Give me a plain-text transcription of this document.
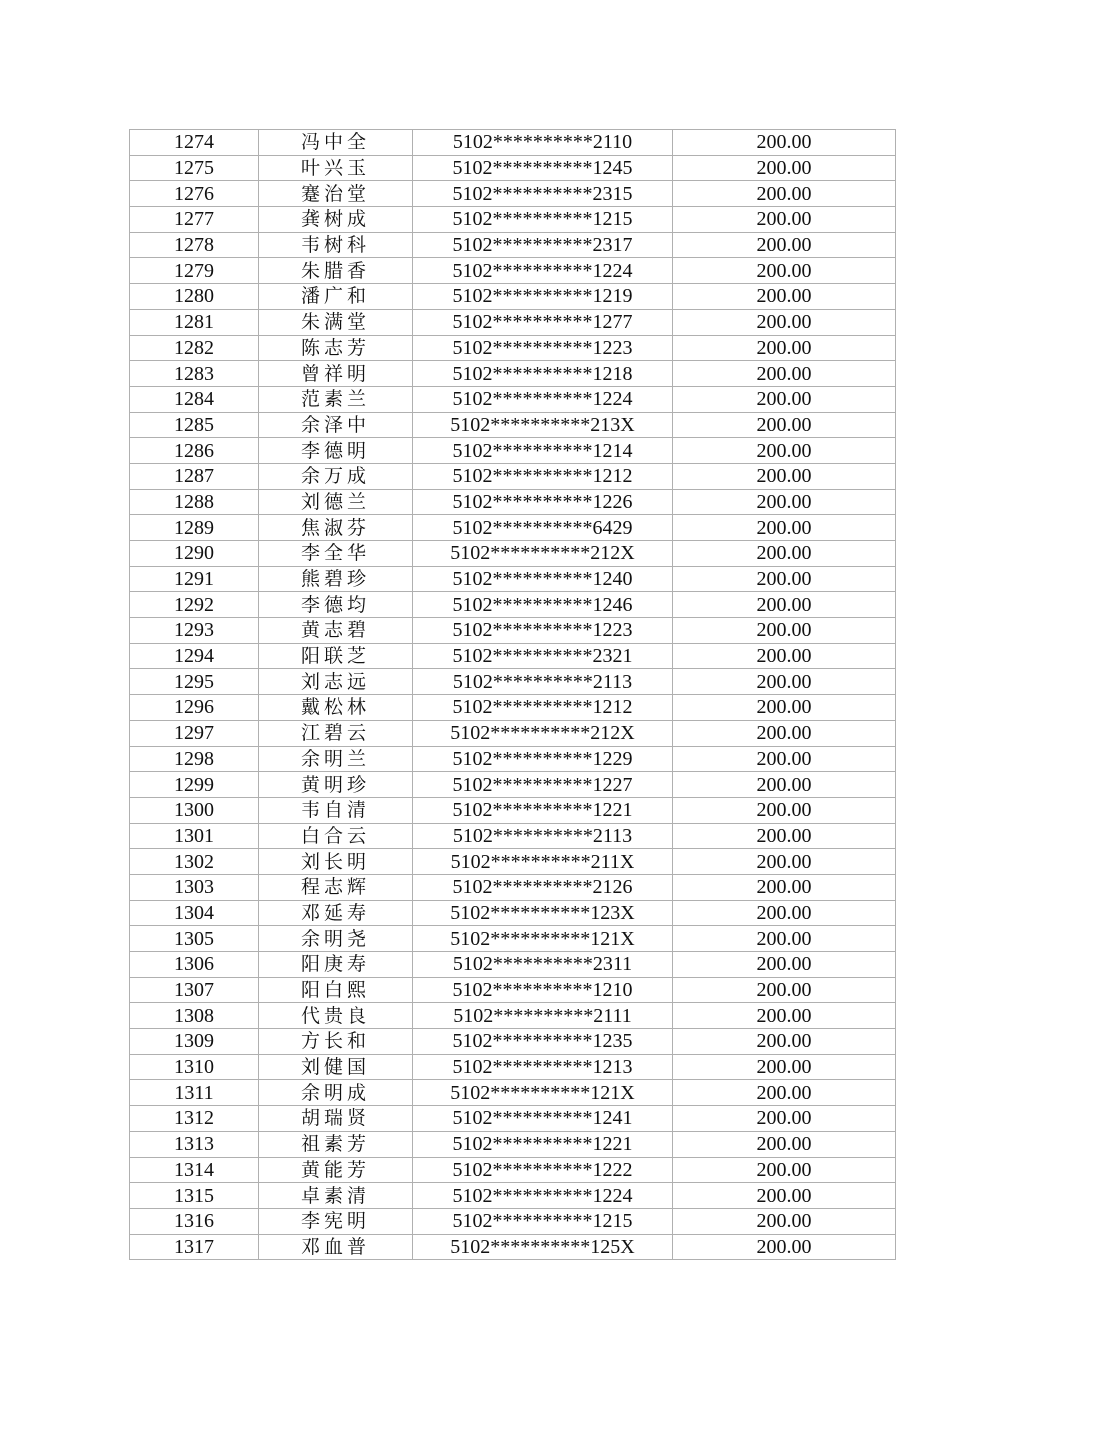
1274	冯中全	5102**********2110	200.00
1275	叶兴玉	5102**********1245	200.00
1276	蹇治堂	5102**********2315	200.00
1277	龚树成	5102**********1215	200.00
1278	韦树科	5102**********2317	200.00
1279	朱腊香	5102**********1224	200.00
1280	潘广和	5102**********1219	200.00
1281	朱满堂	5102**********1277	200.00
1282	陈志芳	5102**********1223	200.00
1283	曾祥明	5102**********1218	200.00
1284	范素兰	5102**********1224	200.00
1285	余泽中	5102**********213X	200.00
1286	李德明	5102**********1214	200.00
1287	余万成	5102**********1212	200.00
1288	刘德兰	5102**********1226	200.00
1289	焦淑芬	5102**********6429	200.00
1290	李全华	5102**********212X	200.00
1291	熊碧珍	5102**********1240	200.00
1292	李德均	5102**********1246	200.00
1293	黄志碧	5102**********1223	200.00
1294	阳联芝	5102**********2321	200.00
1295	刘志远	5102**********2113	200.00
1296	戴松林	5102**********1212	200.00
1297	江碧云	5102**********212X	200.00
1298	余明兰	5102**********1229	200.00
1299	黄明珍	5102**********1227	200.00
1300	韦自清	5102**********1221	200.00
1301	白合云	5102**********2113	200.00
1302	刘长明	5102**********211X	200.00
1303	程志辉	5102**********2126	200.00
1304	邓延寿	5102**********123X	200.00
1305	余明尧	5102**********121X	200.00
1306	阳庚寿	5102**********2311	200.00
1307	阳白熙	5102**********1210	200.00
1308	代贵良	5102**********2111	200.00
1309	方长和	5102**********1235	200.00
1310	刘健国	5102**********1213	200.00
1311	余明成	5102**********121X	200.00
1312	胡瑞贤	5102**********1241	200.00
1313	祖素芳	5102**********1221	200.00
1314	黄能芳	5102**********1222	200.00
1315	卓素清	5102**********1224	200.00
1316	李宪明	5102**********1215	200.00
1317	邓血普	5102**********125X	200.00
